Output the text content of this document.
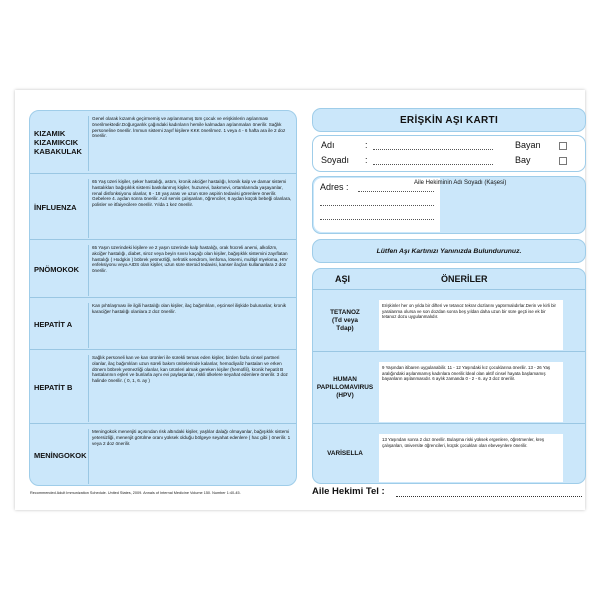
KIZAMIK
KIZAMIKCIK
KABAKULAK
Genel olarak kızamık geçirmemiş ve aşılanmamış tüm çocuk ve erişkinlerin aşılanması önerilmektedir.Doğurganlık çağındaki kadınların hemile kalmadan aşılanmaları önerilir. Sağlık personeline önerilir. İmmun sistemi zayıf kişilere KKK önerilmez. 1 veya 4 - 6 hafta ara ile 2 doz önerilir.
İNFLUENZA
65 Yaş üzeri kişiler, şeker hastalığı, astım, kronik akciğer hastalığı, kronik kalp ve damar sistemi hastalıkları bağışıklık sistemi baskılanmış kişiler, huzurevi, bakımevi, ortamlarında yaşayanlar, renal disfonksiyonu olanlar, 6 - 18 yaş arası ve uzun süre aspirin tedavisi görenlere önerilir. Gebelere 4. aydan sonra önerilir. Acil servis çalışanları, öğrenciler, 6 aydan küçük bebeği olanlara, polisler ve itfaiyecilere önerilir. Yılda 1 kez önerilir.
PNÖMOKOK
65 Yaşın üzerindeki kişilere ve 2 yaşın üzerinde kalp hastalığı, orak hücreli anemi, alkolizm, akciğer hastalığı, diabet, siroz veya beyin sıvısı kaçağı olan kişiler, bağışıklık sistemini zayıflatan hastalığı ( Hodgkin ) böbrek yetmezliği, nefrotik sendrom, lenfoma, lösemi, multipl myeloma, HIV enfeksiyonu veya AIDS olan kişiler, uzun süre steroid tedavisi, kanser ilaçları kullananlara 2 doz önerilir.
HEPATİT A
Kan pıhtılaşması ile ilgili hastalığı olan kişiler, ilaç bağımlıları, eşcinsel ilişkide bulunanlar, kronik karaciğer hastalığı olanlara 2 doz önerilir.
HEPATİT B
Sağlık personeli kan ve kan ürünleri ile sürekli temas eden kişiler, birden fazla cinsel partneri olanlar, ilaç bağımlıları uzun süreli bakım ünitelerinde kalanlar, hemodiyaliz hastaları ve erken dönem böbrek yetmezliği olanlar, kan ürünleri almak gereken kişiler (hemofili), kronik hepatit B hastalarının eşleri ve bunlarla aynı evi paylaşanlar, riskli ülkelere seyahat edenlere önerilir. 3 doz halinde önerilir. ( 0, 1, 6. ay )
MENİNGOKOK
Meningokok menenjiti açısından risk altındaki kişiler, yaşlılar dalağı olmayanlar, bağışıklık sistemi yetersizliği, menenjit görülme oranı yüksek olduğu bölgeye seyahat edenlere ( hac gibi ) önerilir. 1 veya 2 doz önerilir.
Recommended Adult Immunization Schedule. United States, 2009. Annals of Internal Medicine Volume 150. Number 1:40-45.
ERİŞKİN AŞI KARTI
Adı	:
Soyadı :
Bayan
Bay
Adres :	Aile Hekiminin Adı Soyadı (Kaşesi)
Lütfen Aşı Kartınızı Yanınızda Bulundurunuz.
AŞI	ÖNERİLER
TETANOZ
(Td veya
Tdap)
Erişkinler her on yılda bir difteri ve tetanoz tekrar dozlarını yaptırmalıdırlar.Derin ve kirli bir yaralanma olursa ve son dozdan sonra beş yıldan daha uzun bir süre geçti ise ek bir tetanoz dozu uygulanmalıdır.
HUMAN
PAPILLOMAVIRUS
(HPV)
9 Yaşından itibaren uygulanabilir. 11 - 12 Yaşındaki kız çocuklarına önerilir. 13 - 26 Yaş aralığındaki aşılanmamış kadınlara önerilir.İdeal olan aktif cinsel hayata başlamamış bayanların aşılanmasıdır. 6 aylık zamanda 0 - 2 - 6. ay 3 doz önerilir.
VARİSELLA
13 Yaşından sonra 2 doz önerilir. Bulaşma riski yüksek ergenlere, öğretmenler, kreş çalışanları, üniversite öğrencileri, küçük çocukları olan ebeveynlere önerilir.
Aile Hekimi Tel :
